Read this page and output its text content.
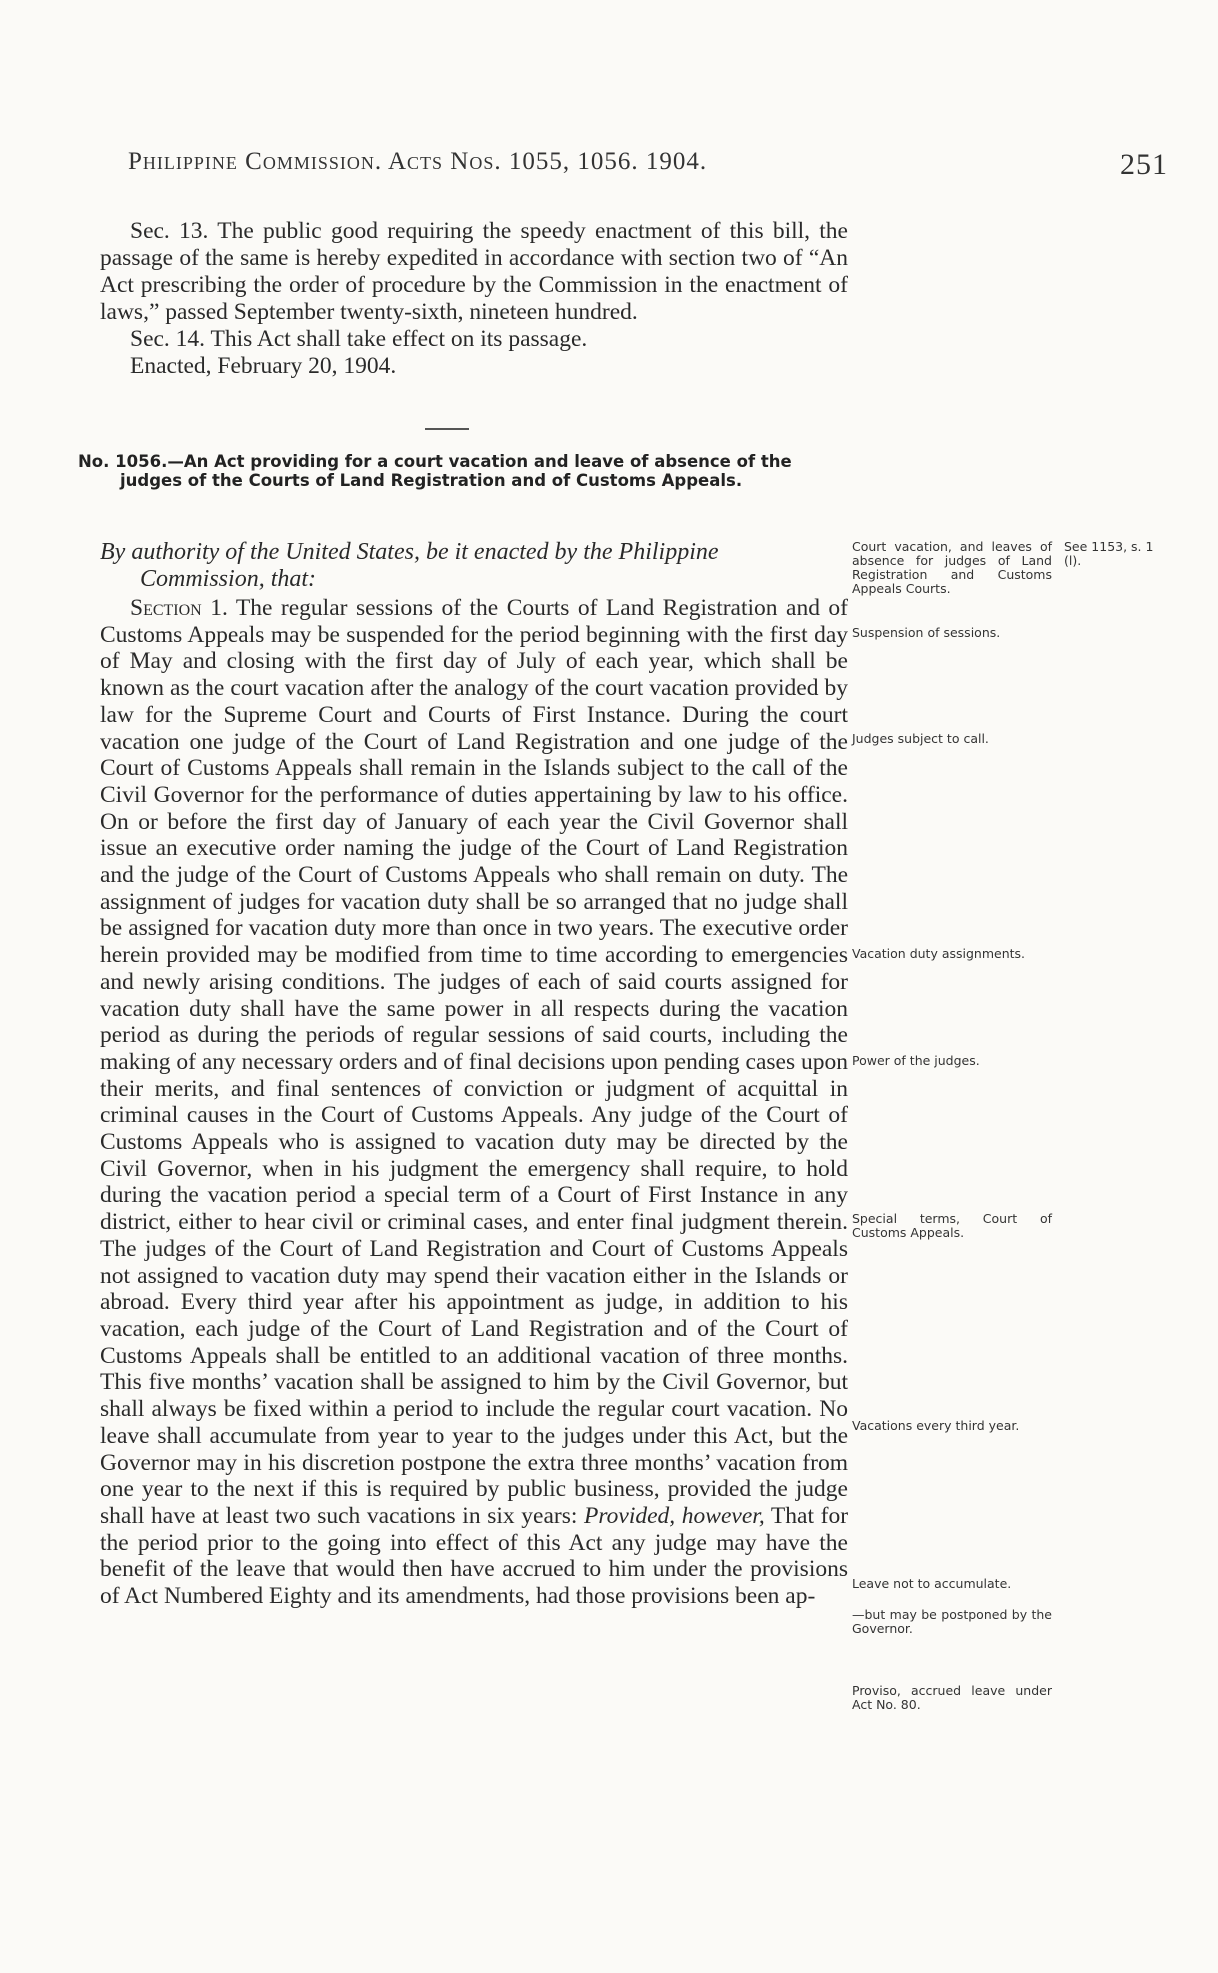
Philippine Commission. Acts Nos. 1055, 1056. 1904.	251

Sec. 13. The public good requiring the speedy enactment of this bill, the passage of the same is hereby expedited in accordance with section two of “An Act prescribing the order of procedure by the Commission in the enactment of laws,” passed September twenty-sixth, nineteen hundred.

Sec. 14. This Act shall take effect on its passage.

Enacted, February 20, 1904.

No. 1056.—An Act providing for a court vacation and leave of absence of the judges of the Courts of Land Registration and of Customs Appeals.
By authority of the United States, be it enacted by the Philippine
Commission, that:

Section 1. The regular sessions of the Courts of Land Registration and of Customs Appeals may be suspended for the period beginning with the first day of May and closing with the first day of July of each year, which shall be known as the court vacation after the analogy of the court vacation provided by law for the Supreme Court and Courts of First Instance. During the court vacation one judge of the Court of Land Registration and one judge of the Court of Customs Appeals shall remain in the Islands subject to the call of the Civil Governor for the performance of duties appertaining by law to his office. On or before the first day of January of each year the Civil Governor shall issue an executive order naming the judge of the Court of Land Registration and the judge of the Court of Customs Appeals who shall remain on duty. The assignment of judges for vacation duty shall be so arranged that no judge shall be assigned for vacation duty more than once in two years. The executive order herein provided may be modified from time to time according to emergencies and newly arising conditions. The judges of each of said courts assigned for vacation duty shall have the same power in all respects during the vacation period as during the periods of regular sessions of said courts, including the making of any necessary orders and of final decisions upon pending cases upon their merits, and final sentences of conviction or judgment of acquittal in criminal causes in the Court of Customs Appeals. Any judge of the Court of Customs Appeals who is assigned to vacation duty may be directed by the Civil Governor, when in his judgment the emergency shall require, to hold during the vacation period a special term of a Court of First Instance in any district, either to hear civil or criminal cases, and enter final judgment therein. The judges of the Court of Land Registration and Court of Customs Appeals not assigned to vacation duty may spend their vacation either in the Islands or abroad. Every third year after his appointment as judge, in addition to his vacation, each judge of the Court of Land Registration and of the Court of Customs Appeals shall be entitled to an additional vacation of three months. This five months’ vacation shall be assigned to him by the Civil Governor, but shall always be fixed within a period to include the regular court vacation. No leave shall accumulate from year to year to the judges under this Act, but the Governor may in his discretion postpone the extra three months’ vacation from one year to the next if this is required by public business, provided the judge shall have at least two such vacations in six years: Provided, however, That for the period prior to the going into effect of this Act any judge may have the benefit of the leave that would then have accrued to him under the provisions of Act Numbered Eighty and its amendments, had those provisions been ap-

Court vacation, and leaves of absence for judges of Land Registration and Customs Appeals Courts.
Suspension of sessions.
Judges subject to call.
Vacation duty assignments.
Power of the judges.
Special terms, Court of Customs Appeals.
Vacations every third year.
Leave not to accumulate.
—but may be postponed by the Governor.
Proviso, accrued leave under Act No. 80.
See 1153, s. 1 (l).
